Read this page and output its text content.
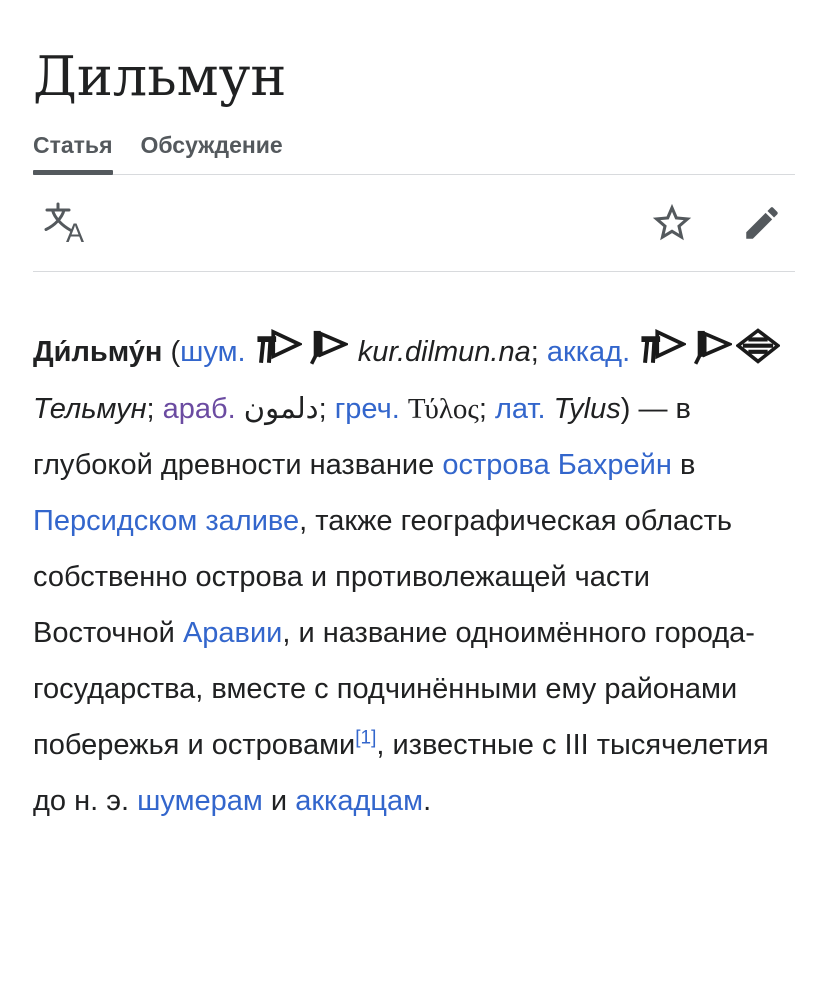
Дильмун
Статья Обсуждение
A

Ди́льму́н (шум.	kur.dilmun.na; аккад.  Тельмун; араб. دلمون; греч. Τύλος; лат. Tylus) — в глубокой древности название острова Бахрейн в Персидском заливе, также географическая область собственно острова и противолежащей части Восточной Аравии, и название одноимённого города-государства, вместе с подчинёнными ему районами побережья и островами[1], известные с III тысячелетия до н. э. шумерам и аккадцам.
